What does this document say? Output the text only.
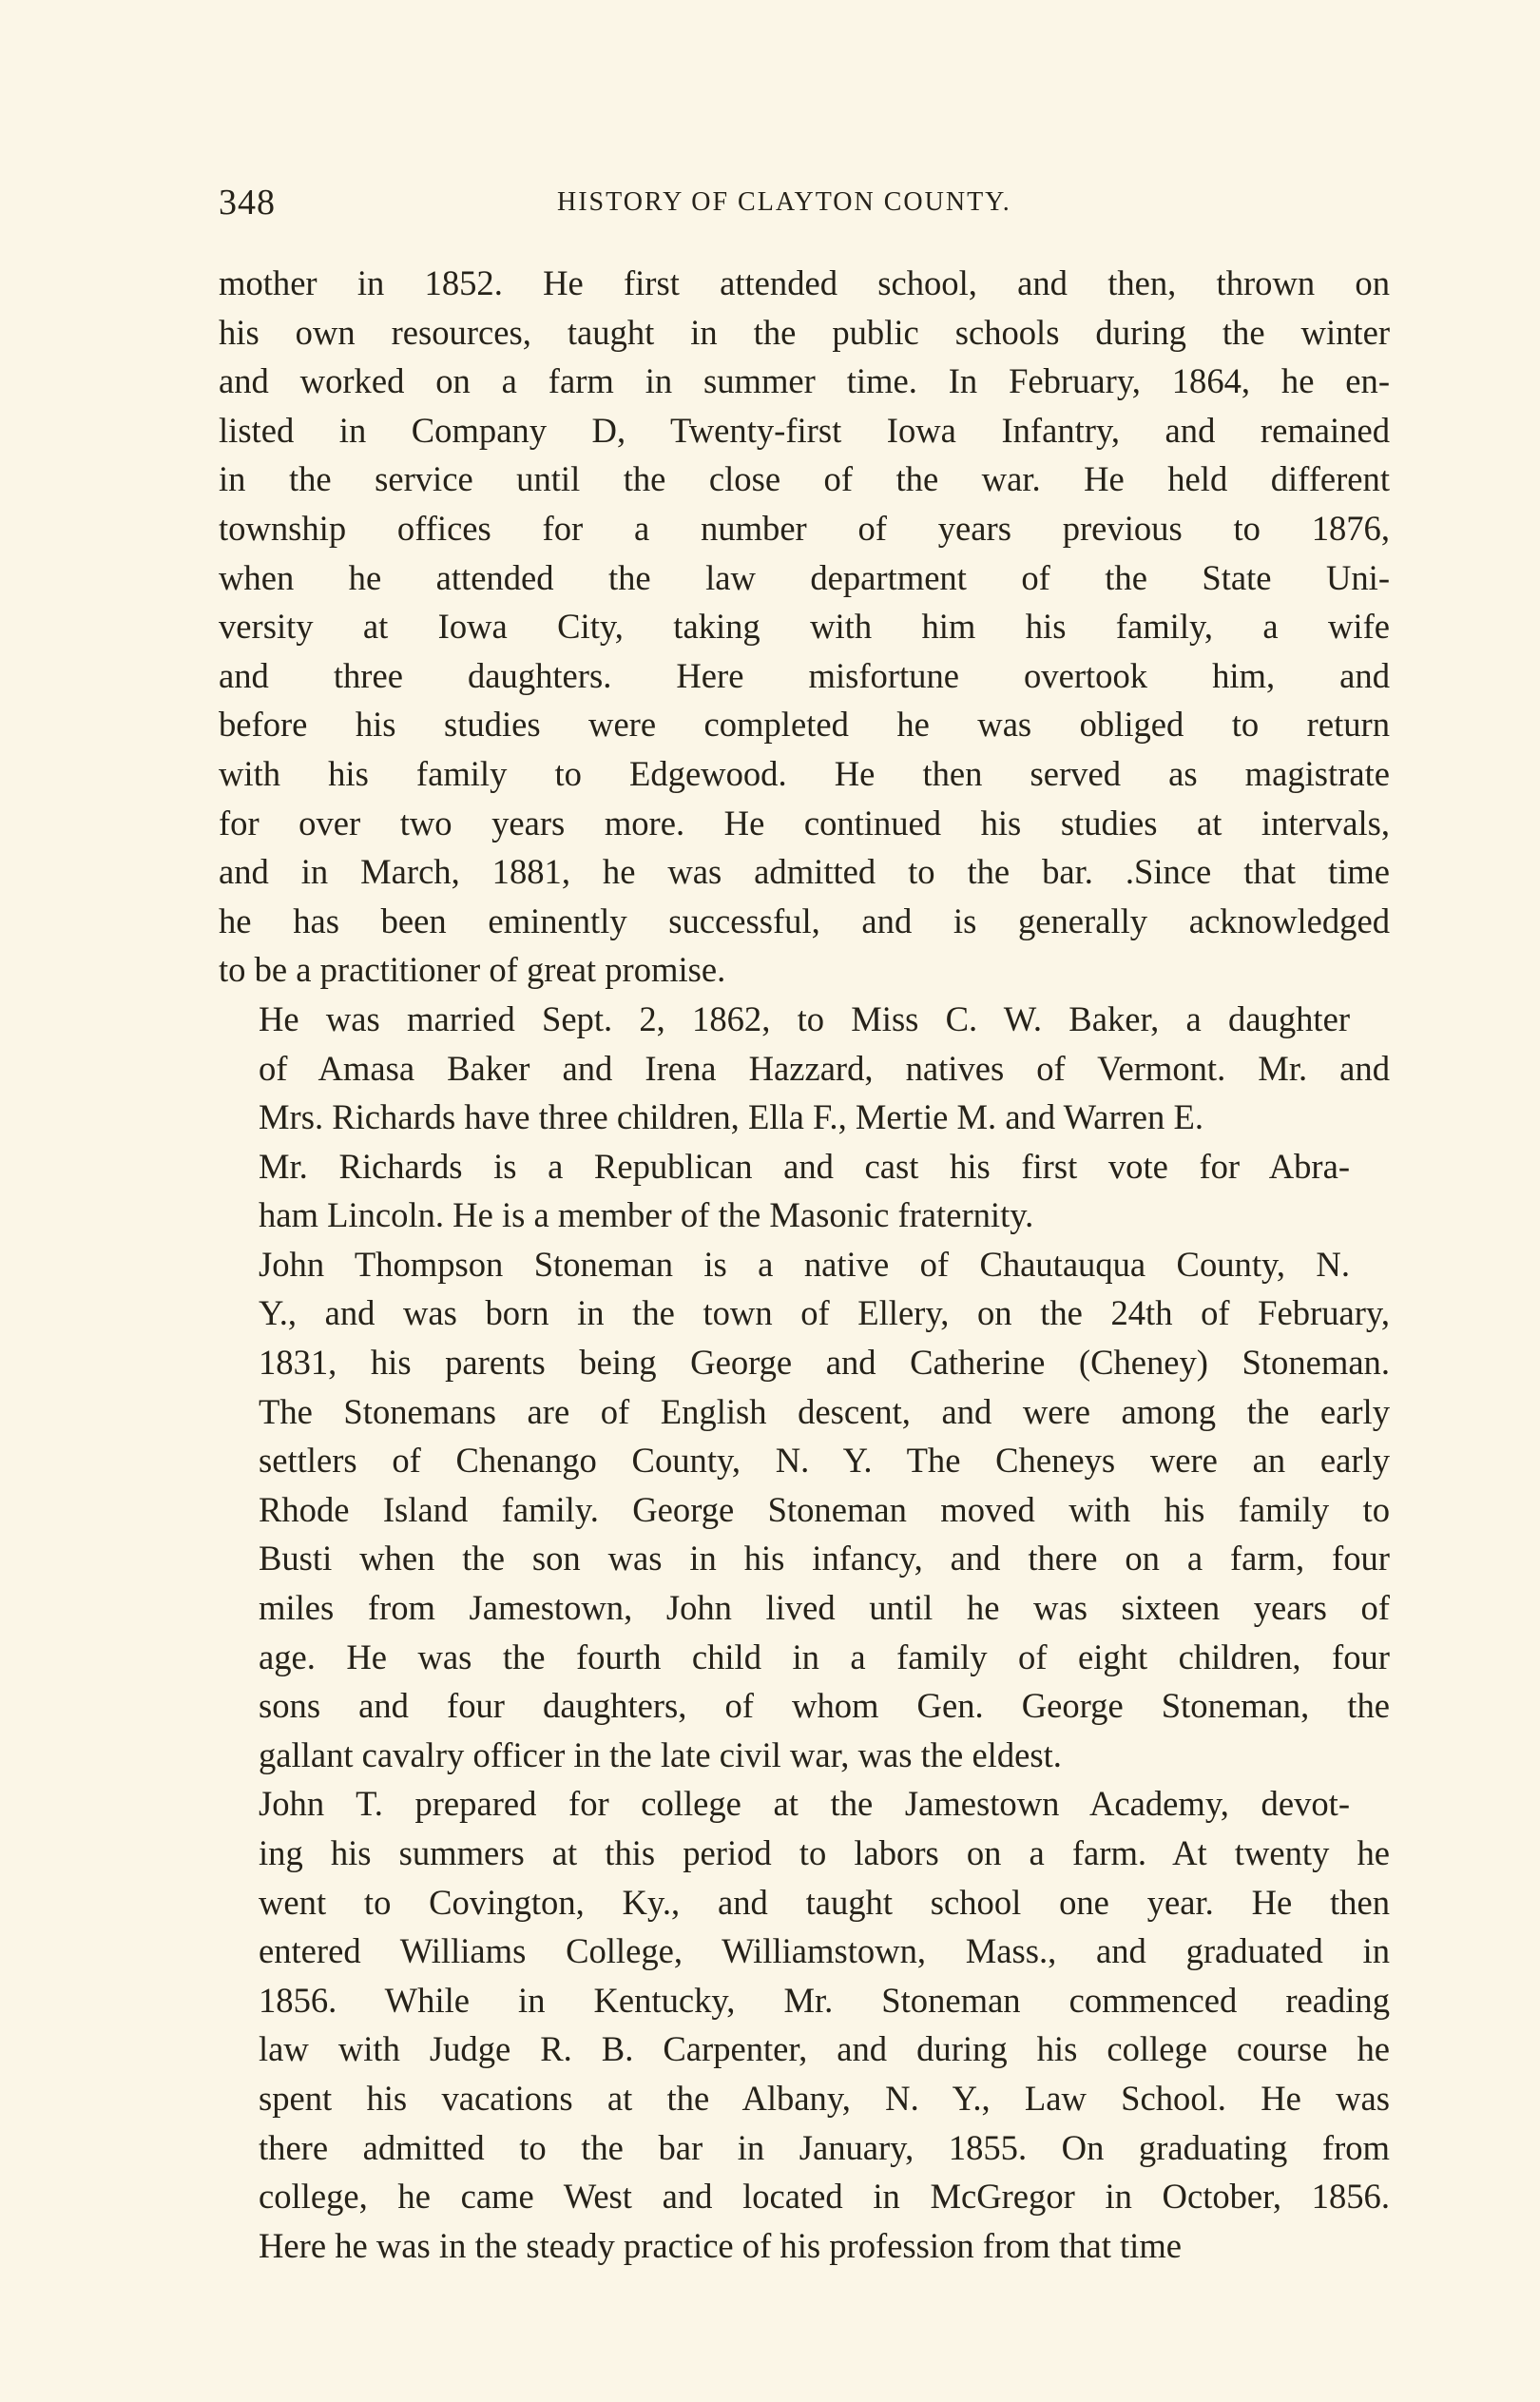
348	HISTORY OF CLAYTON COUNTY.
mother in 1852. He first attended school, and then, thrown on
his own resources, taught in the public schools during the winter
and worked on a farm in summer time. In February, 1864, he en-
listed in Company D, Twenty-first Iowa Infantry, and remained
in the service until the close of the war. He held different
township offices for a number of years previous to 1876,
when he attended the law department of the State Uni-
versity at Iowa City, taking with him his family, a wife
and three daughters. Here misfortune overtook him, and
before his studies were completed he was obliged to return
with his family to Edgewood. He then served as magistrate
for over two years more. He continued his studies at intervals,
and in March, 1881, he was admitted to the bar. .Since that time
he has been eminently successful, and is generally acknowledged
to be a practitioner of great promise.
He was married Sept. 2, 1862, to Miss C. W. Baker, a daughter
of Amasa Baker and Irena Hazzard, natives of Vermont. Mr. and
Mrs. Richards have three children, Ella F., Mertie M. and Warren E.
Mr. Richards is a Republican and cast his first vote for Abra-
ham Lincoln. He is a member of the Masonic fraternity.
John Thompson Stoneman is a native of Chautauqua County, N.
Y., and was born in the town of Ellery, on the 24th of February,
1831, his parents being George and Catherine (Cheney) Stoneman.
The Stonemans are of English descent, and were among the early
settlers of Chenango County, N. Y. The Cheneys were an early
Rhode Island family. George Stoneman moved with his family to
Busti when the son was in his infancy, and there on a farm, four
miles from Jamestown, John lived until he was sixteen years of
age. He was the fourth child in a family of eight children, four
sons and four daughters, of whom Gen. George Stoneman, the
gallant cavalry officer in the late civil war, was the eldest.
John T. prepared for college at the Jamestown Academy, devot-
ing his summers at this period to labors on a farm. At twenty he
went to Covington, Ky., and taught school one year. He then
entered Williams College, Williamstown, Mass., and graduated in
1856. While in Kentucky, Mr. Stoneman commenced reading
law with Judge R. B. Carpenter, and during his college course he
spent his vacations at the Albany, N. Y., Law School. He was
there admitted to the bar in January, 1855. On graduating from
college, he came West and located in McGregor in October, 1856.
Here he was in the steady practice of his profession from that time
